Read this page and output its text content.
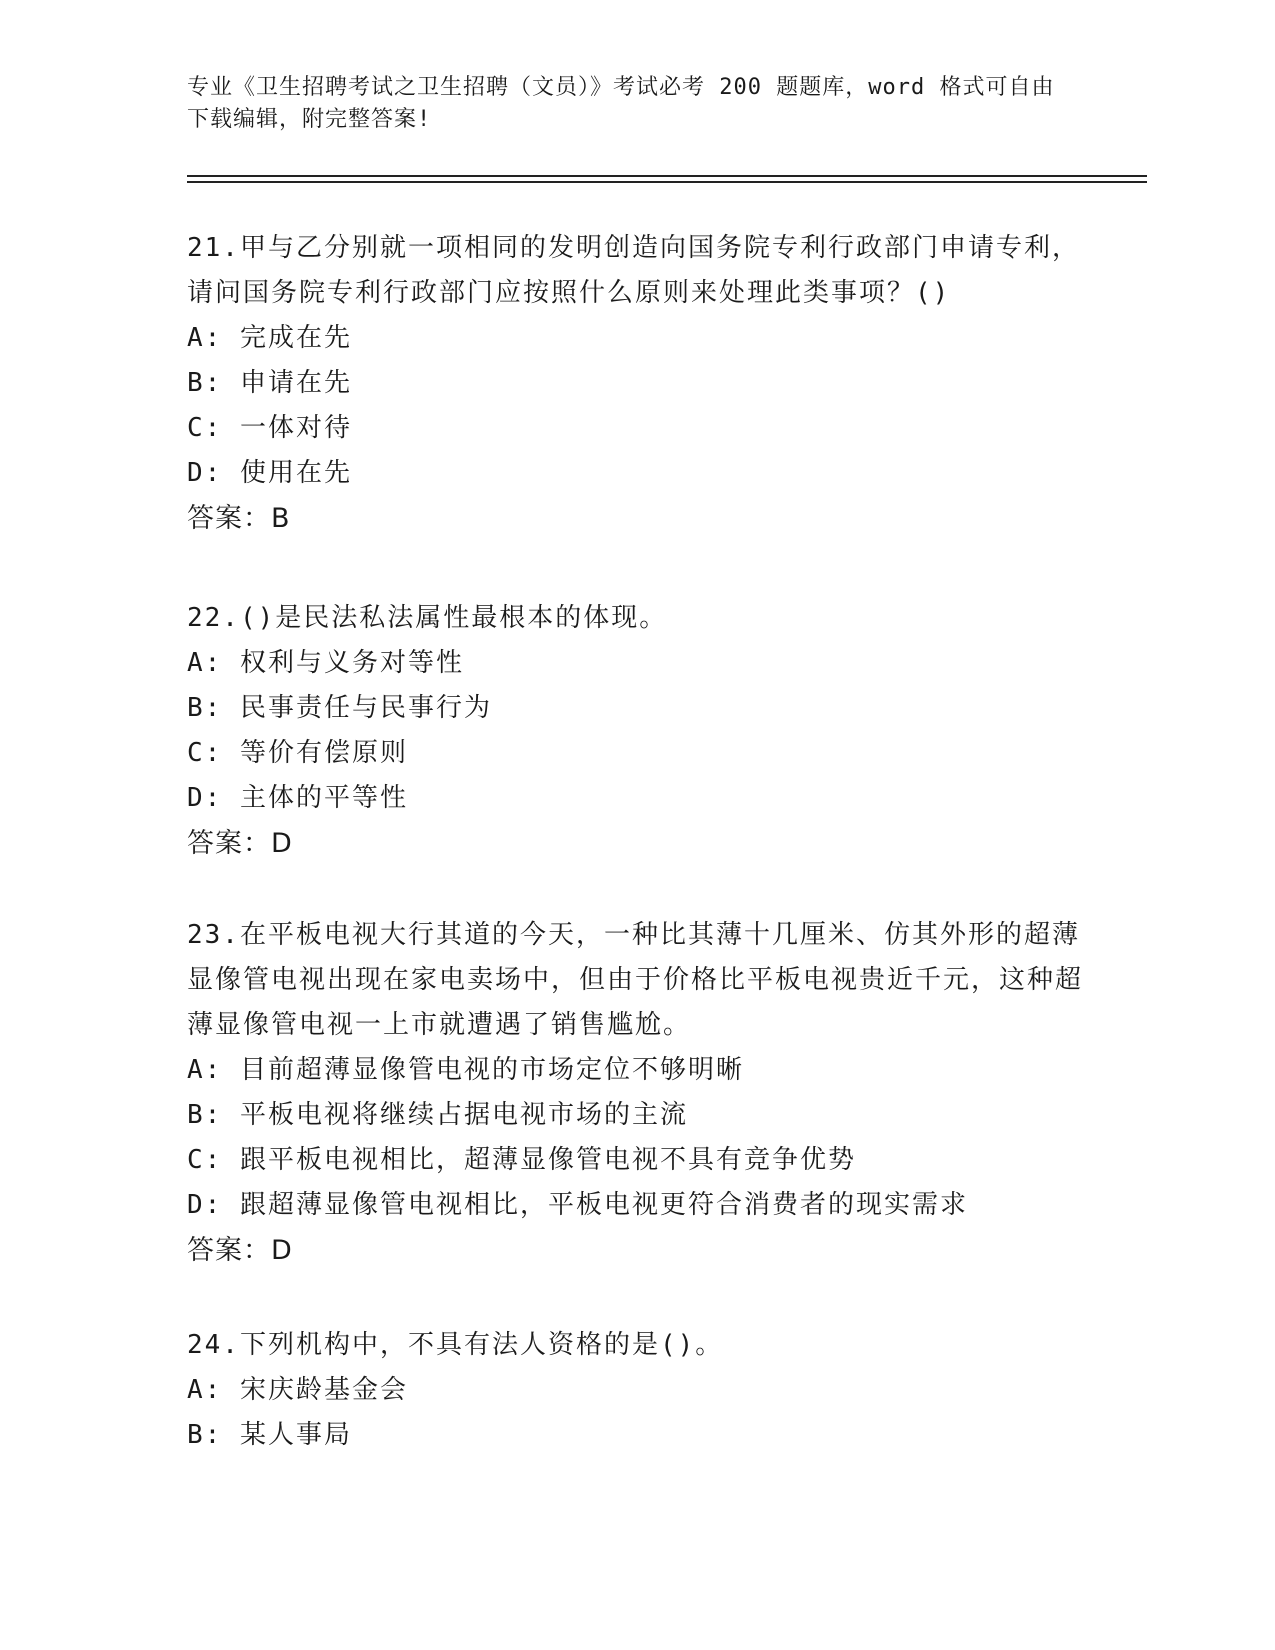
专业《卫生招聘考试之卫生招聘（文员）》考试必考 200 题题库，word 格式可自由下载编辑，附完整答案!

21.甲与乙分别就一项相同的发明创造向国务院专利行政部门申请专利，请问国务院专利行政部门应按照什么原则来处理此类事项？()

A: 完成在先

B: 申请在先

C: 一体对待

D: 使用在先

答案：B

22.()是民法私法属性最根本的体现。

A: 权利与义务对等性

B: 民事责任与民事行为

C: 等价有偿原则

D: 主体的平等性

答案：D

23.在平板电视大行其道的今天，一种比其薄十几厘米、仿其外形的超薄显像管电视出现在家电卖场中，但由于价格比平板电视贵近千元，这种超薄显像管电视一上市就遭遇了销售尴尬。

A: 目前超薄显像管电视的市场定位不够明晰

B: 平板电视将继续占据电视市场的主流

C: 跟平板电视相比，超薄显像管电视不具有竞争优势

D: 跟超薄显像管电视相比，平板电视更符合消费者的现实需求

答案：D

24.下列机构中，不具有法人资格的是()。

A: 宋庆龄基金会

B: 某人事局
